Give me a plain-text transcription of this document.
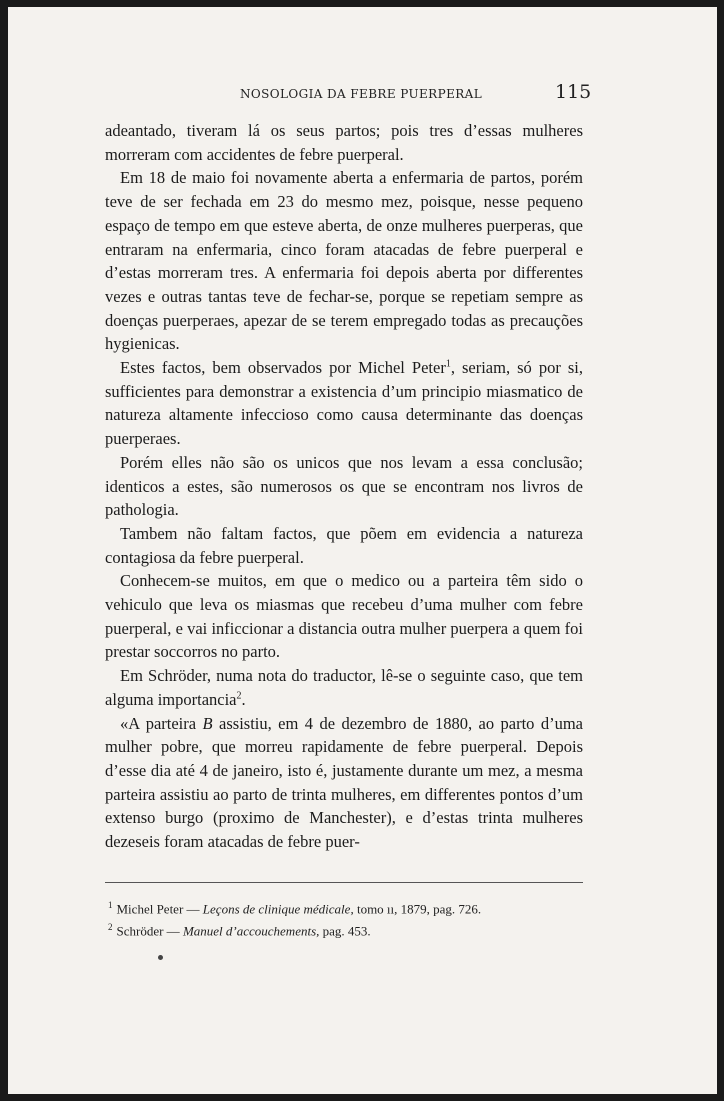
NOSOLOGIA DA FEBRE PUERPERAL	115

adeantado, tiveram lá os seus partos; pois tres d’essas mulheres morreram com accidentes de febre puerperal.

Em 18 de maio foi novamente aberta a enfermaria de partos, porém teve de ser fechada em 23 do mesmo mez, poisque, nesse pequeno espaço de tempo em que esteve aberta, de onze mulheres puerperas, que entraram na enfermaria, cinco foram atacadas de febre puerperal e d’estas morreram tres. A enfermaria foi depois aberta por differentes vezes e outras tantas teve de fechar-se, porque se repetiam sempre as doenças puerperaes, apezar de se terem empregado todas as precauções hygienicas.

Estes factos, bem observados por Michel Peter$^1$, seriam, só por si, sufficientes para demonstrar a existencia d’um principio miasmatico de natureza altamente infeccioso como causa determinante das doenças puerperaes.

Porém elles não são os unicos que nos levam a essa conclusão; identicos a estes, são numerosos os que se encontram nos livros de pathologia.

Tambem não faltam factos, que põem em evidencia a natureza contagiosa da febre puerperal.

Conhecem-se muitos, em que o medico ou a parteira têm sido o vehiculo que leva os miasmas que recebeu d’uma mulher com febre puerperal, e vai inficcionar a distancia outra mulher puerpera a quem foi prestar soccorros no parto.

Em Schröder, numa nota do traductor, lê-se o seguinte caso, que tem alguma importancia$^2$.

«A parteira B assistiu, em 4 de dezembro de 1880, ao parto d’uma mulher pobre, que morreu rapidamente de febre puerperal. Depois d’esse dia até 4 de janeiro, isto é, justamente durante um mez, a mesma parteira assistiu ao parto de trinta mulheres, em differentes pontos d’um extenso burgo (proximo de Manchester), e d’estas trinta mulheres dezeseis foram atacadas de febre puer-

$^1$ Michel Peter — Leçons de clinique médicale, tomo ıı, 1879, pag. 726.

$^2$ Schröder — Manuel d’accouchements, pag. 453.
